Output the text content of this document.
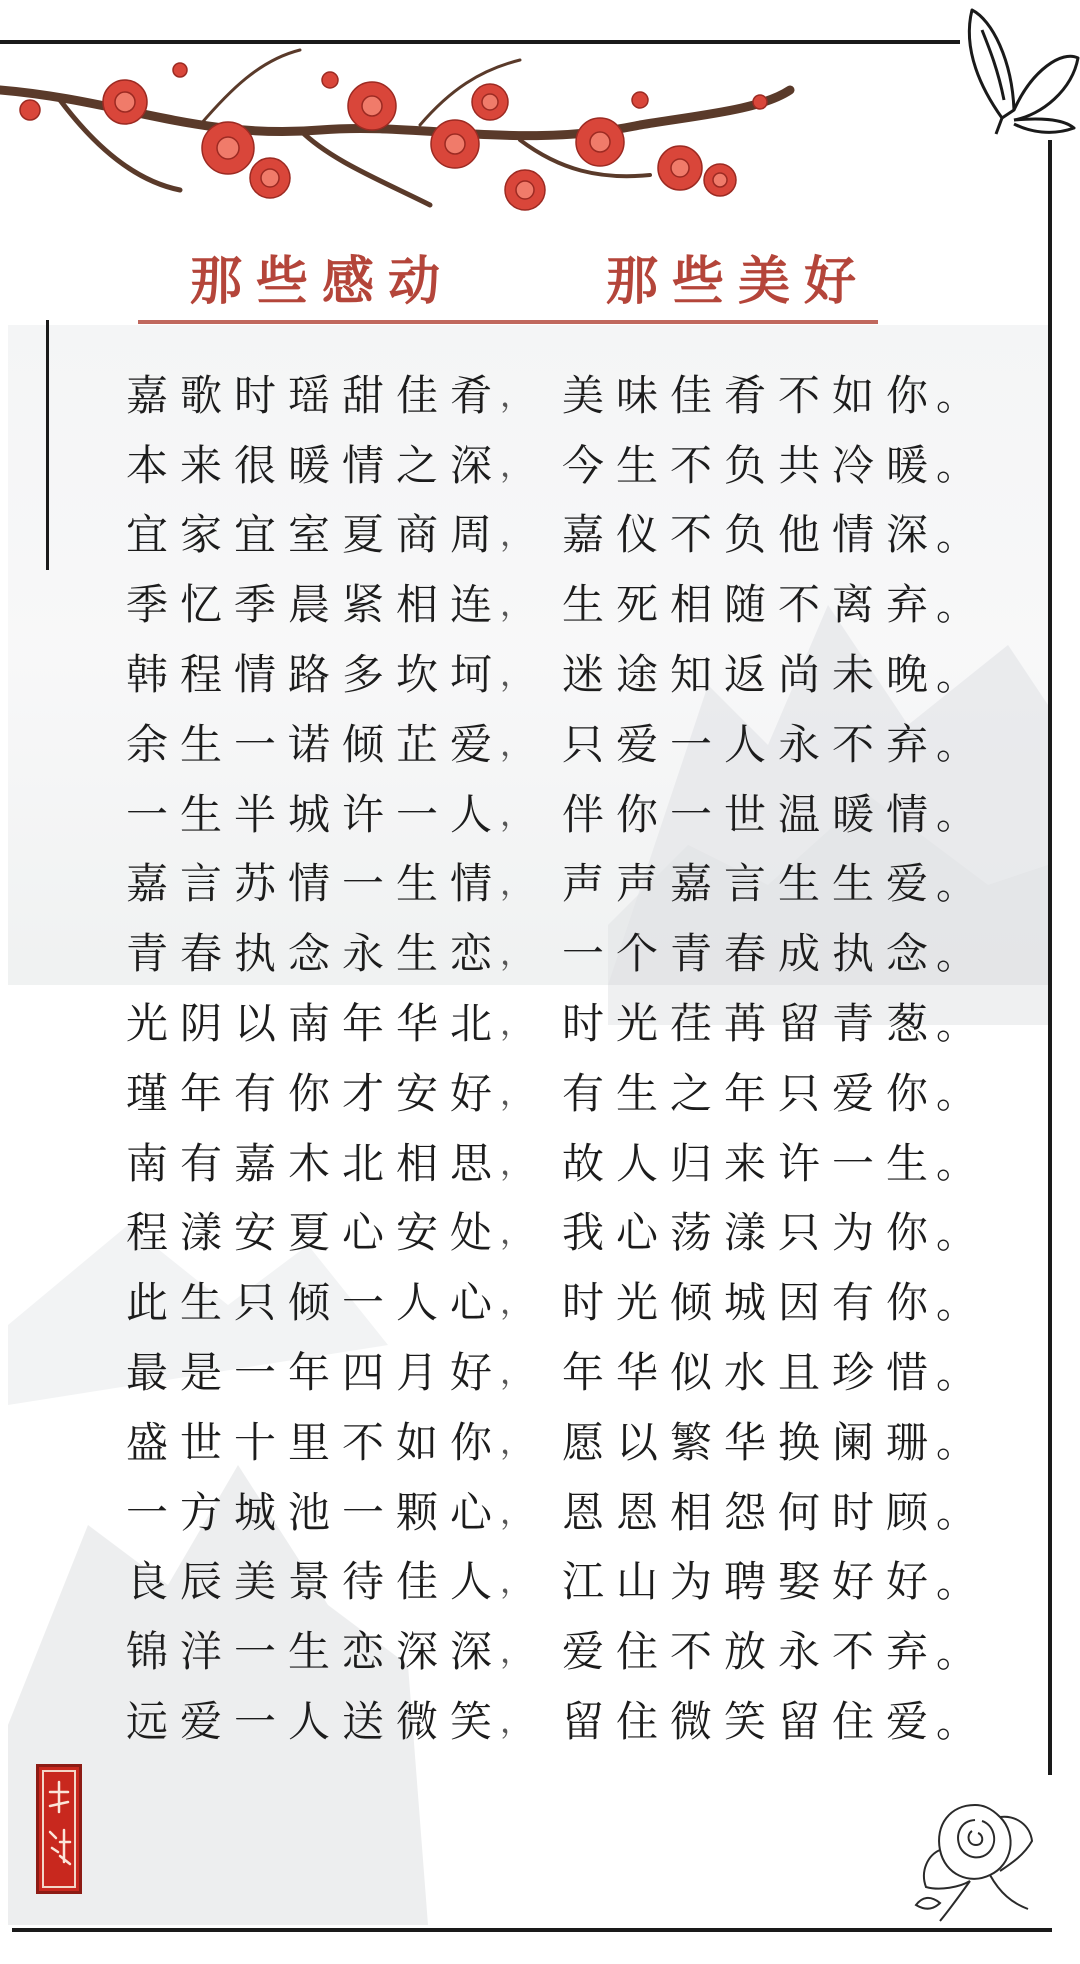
那些感动	那些美好
嘉 歌 时 瑶 甜 佳 肴 ， 美 味 佳 肴 不 如 你 。
本 来 很 暖 情 之 深 ， 今 生 不 负 共 冷 暖 。
宜 家 宜 室 夏 商 周 ， 嘉 仪 不 负 他 情 深 。
季 忆 季 晨 紧 相 连 ， 生 死 相 随 不 离 弃 。
韩 程 情 路 多 坎 坷 ， 迷 途 知 返 尚 未 晚 。
余 生 一 诺 倾 芷 爱 ， 只 爱 一 人 永 不 弃 。
一 生 半 城 许 一 人 ， 伴 你 一 世 温 暖 情 。
嘉 言 苏 情 一 生 情 ， 声 声 嘉 言 生 生 爱 。
青 春 执 念 永 生 恋 ， 一 个 青 春 成 执 念 。
光 阴 以 南 年 华 北 ， 时 光 荏 苒 留 青 葱 。
瑾 年 有 你 才 安 好 ， 有 生 之 年 只 爱 你 。
南 有 嘉 木 北 相 思 ， 故 人 归 来 许 一 生 。
程 漾 安 夏 心 安 处 ， 我 心 荡 漾 只 为 你 。
此 生 只 倾 一 人 心 ， 时 光 倾 城 因 有 你 。
最 是 一 年 四 月 好 ， 年 华 似 水 且 珍 惜 。
盛 世 十 里 不 如 你 ， 愿 以 繁 华 换 阑 珊 。
一 方 城 池 一 颗 心 ， 恩 恩 相 怨 何 时 顾 。
良 辰 美 景 待 佳 人 ， 江 山 为 聘 娶 好 好 。
锦 洋 一 生 恋 深 深 ， 爱 住 不 放 永 不 弃 。
远 爱 一 人 送 微 笑 ， 留 住 微 笑 留 住 爱 。
